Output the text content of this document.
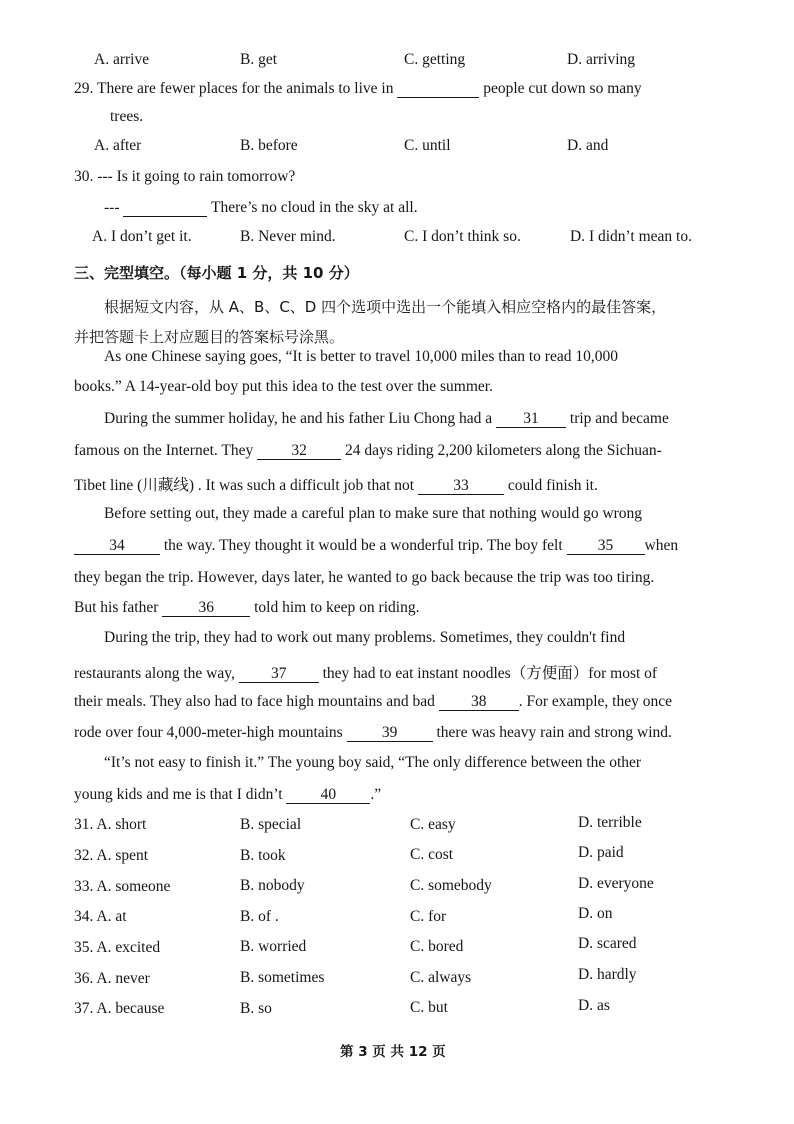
A. arrive	B. get	C. getting	D. arriving
29. There are fewer places for the animals to live in	people cut down so many
trees.
A. after	B. before	C. until	D. and
30. --- Is it going to rain tomorrow?
---	There’s no cloud in the sky at all.
A. I don’t get it.	B. Never mind.	C. I don’t think so.	D. I didn’t mean to.
三、完型填空。（每小题 1 分，共 10 分）
根据短文内容，从 A、B、C、D 四个选项中选出一个能填入相应空格内的最佳答案，
并把答题卡上对应题目的答案标号涂黑。
As one Chinese saying goes, “It is better to travel 10,000 miles than to read 10,000
books.” A 14-year-old boy put this idea to the test over the summer.
During the summer holiday, he and his father Liu Chong had a 31 trip and became
famous on the Internet. They 32 24 days riding 2,200 kilometers along the Sichuan-
Tibet line (川藏线) . It was such a difficult job that not	33	could finish it.
Before setting out, they made a careful plan to make sure that nothing would go wrong
34	the way. They thought it would be a wonderful trip. The boy felt 35 when
they began the trip. However, days later, he wanted to go back because the trip was too tiring.
But his father	36	told him to keep on riding.
During the trip, they had to work out many problems. Sometimes, they couldn't find
restaurants along the way, 37 they had to eat instant noodles（方便面）for most of
their meals. They also had to face high mountains and bad 38 . For example, they once
rode over four 4,000-meter-high mountains	39	there was heavy rain and strong wind.
“It’s not easy to finish it.” The young boy said, “The only difference between the other
young kids and me is that I didn’t 40 .”
31. A. short	B. special	C. easy	D. terrible
32. A. spent	B. took	C. cost	D. paid
33. A. someone	B. nobody	C. somebody	D. everyone
34. A. at	B. of .	C. for	D. on
35. A. excited	B. worried	C. bored	D. scared
36. A. never	B. sometimes	C. always	D. hardly
37. A. because	B. so	C. but	D. as
第 3 页 共 12 页
